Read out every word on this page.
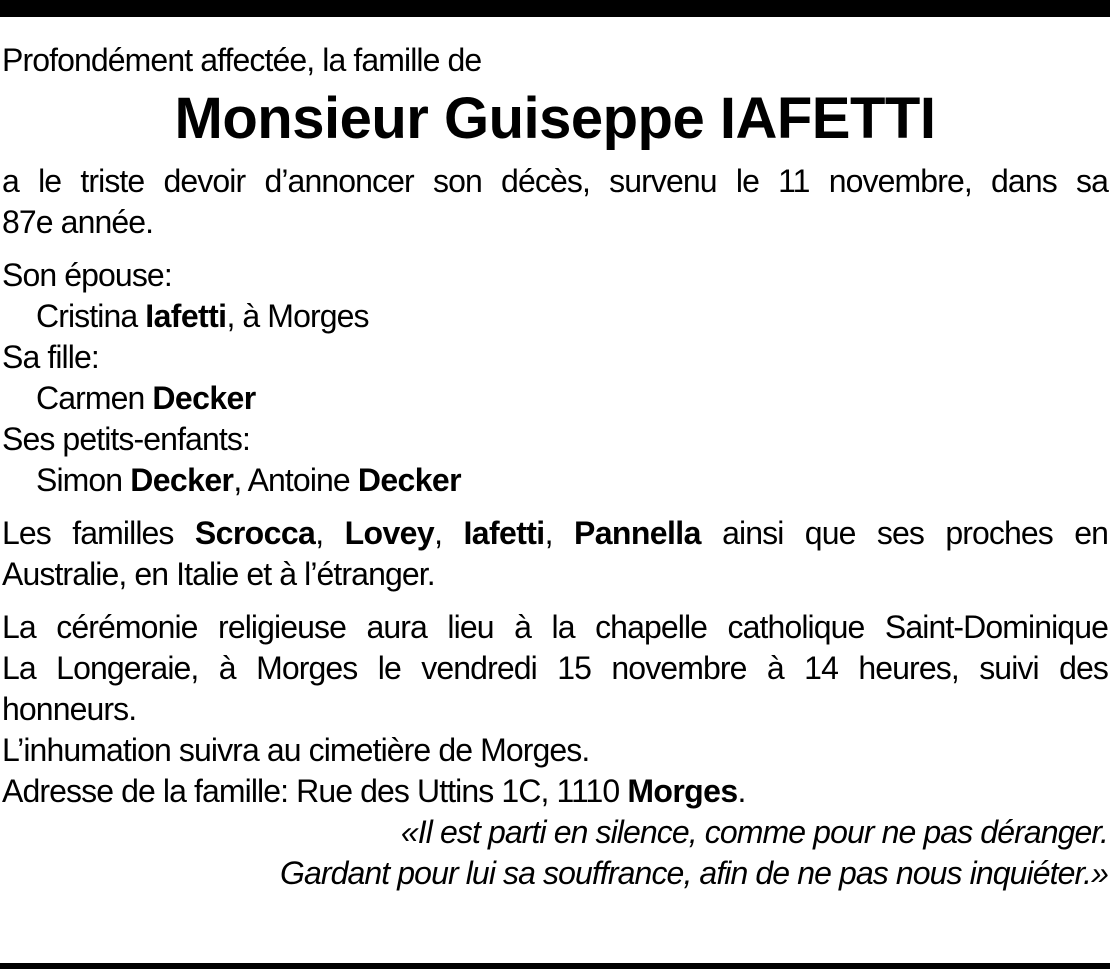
Profondément affectée, la famille de
Monsieur Guiseppe IAFETTI
a le triste devoir d’annoncer son décès, survenu le 11 novembre, dans sa
87e année.
Son épouse:
Cristina Iafetti, à Morges
Sa fille:
Carmen Decker
Ses petits-enfants:
Simon Decker, Antoine Decker
Les familles Scrocca, Lovey, Iafetti, Pannella ainsi que ses proches en
Australie, en Italie et à l’étranger.
La cérémonie religieuse aura lieu à la chapelle catholique Saint-Dominique
La Longeraie, à Morges le vendredi 15 novembre à 14 heures, suivi des
honneurs.
L’inhumation suivra au cimetière de Morges.
Adresse de la famille: Rue des Uttins 1C, 1110 Morges.
«Il est parti en silence, comme pour ne pas déranger.
Gardant pour lui sa souffrance, afin de ne pas nous inquiéter.»
